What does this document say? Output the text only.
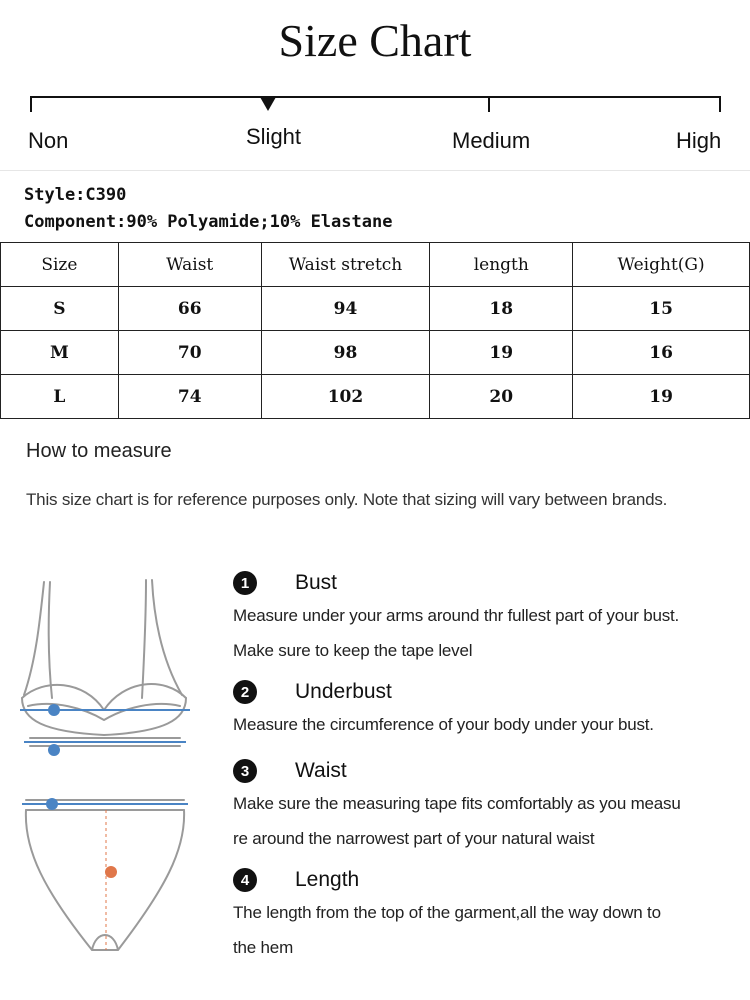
Size Chart
Non	Slight	Medium	High
Style:C390
Component:90% Polyamide;10% Elastane
Size	Waist	Waist stretch	length	Weight(G)
S	66	94	18	15
M	70	98	19	16
L	74	102	20	19
How to measure
This size chart is for reference purposes only. Note that sizing will vary between brands.
1	Bust
Measure under your arms around thr fullest part of your bust.
Make sure to keep the tape level
2	Underbust
Measure the circumference of your body under your bust.
3	Waist
Make sure the measuring tape fits comfortably as you measu
re around the narrowest part of your natural waist
4	Length
The length from the top of the garment,all the way down to
the hem
